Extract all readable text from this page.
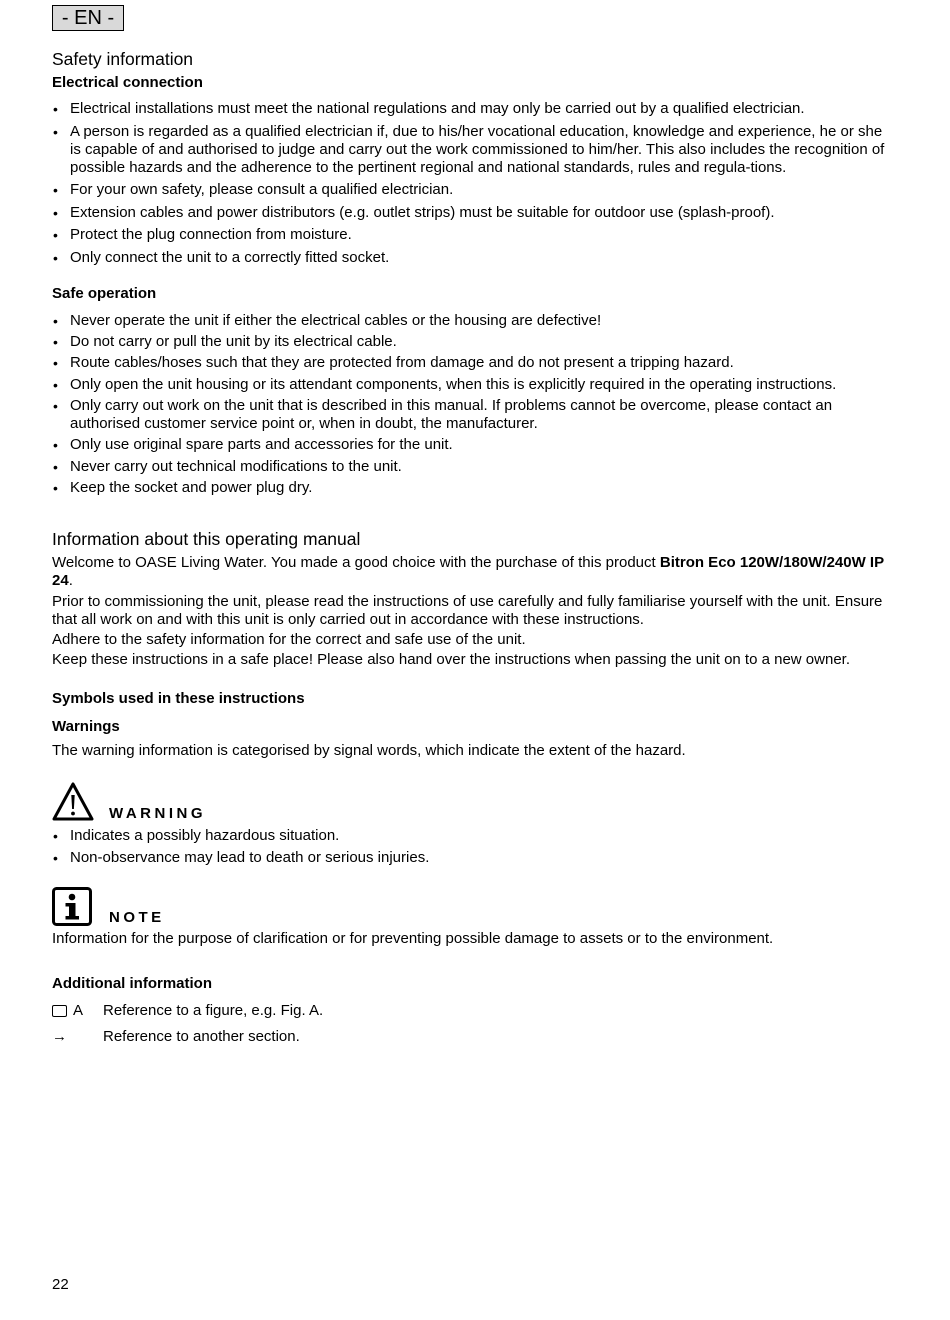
- EN -
Safety information
Electrical connection
• Electrical installations must meet the national regulations and may only be carried out by a qualified electrician.
• A person is regarded as a qualified electrician if, due to his/her vocational education, knowledge and experience, he or she is capable of and authorised to judge and carry out the work commissioned to him/her. This also includes the recognition of possible hazards and the adherence to the pertinent regional and national standards, rules and regula-tions.
• For your own safety, please consult a qualified electrician.
• Extension cables and power distributors (e.g. outlet strips) must be suitable for outdoor use (splash-proof).
• Protect the plug connection from moisture.
• Only connect the unit to a correctly fitted socket.
Safe operation
• Never operate the unit if either the electrical cables or the housing are defective!
• Do not carry or pull the unit by its electrical cable.
• Route cables/hoses such that they are protected from damage and do not present a tripping hazard.
• Only open the unit housing or its attendant components, when this is explicitly required in the operating instructions.
• Only carry out work on the unit that is described in this manual. If problems cannot be overcome, please contact an authorised customer service point or, when in doubt, the manufacturer.
• Only use original spare parts and accessories for the unit.
• Never carry out technical modifications to the unit.
• Keep the socket and power plug dry.
Information about this operating manual

Welcome to OASE Living Water. You made a good choice with the purchase of this product Bitron Eco 120W/180W/240W IP 24.

Prior to commissioning the unit, please read the instructions of use carefully and fully familiarise yourself with the unit. Ensure that all work on and with this unit is only carried out in accordance with these instructions.

Adhere to the safety information for the correct and safe use of the unit.

Keep these instructions in a safe place! Please also hand over the instructions when passing the unit on to a new owner.

Symbols used in these instructions
Warnings

The warning information is categorised by signal words, which indicate the extent of the hazard.

WARNING
• Indicates a possibly hazardous situation.
• Non-observance may lead to death or serious injuries.
NOTE

Information for the purpose of clarification or for preventing possible damage to assets or to the environment.

Additional information
A Reference to a figure, e.g. Fig. A.
→	Reference to another section.
22
